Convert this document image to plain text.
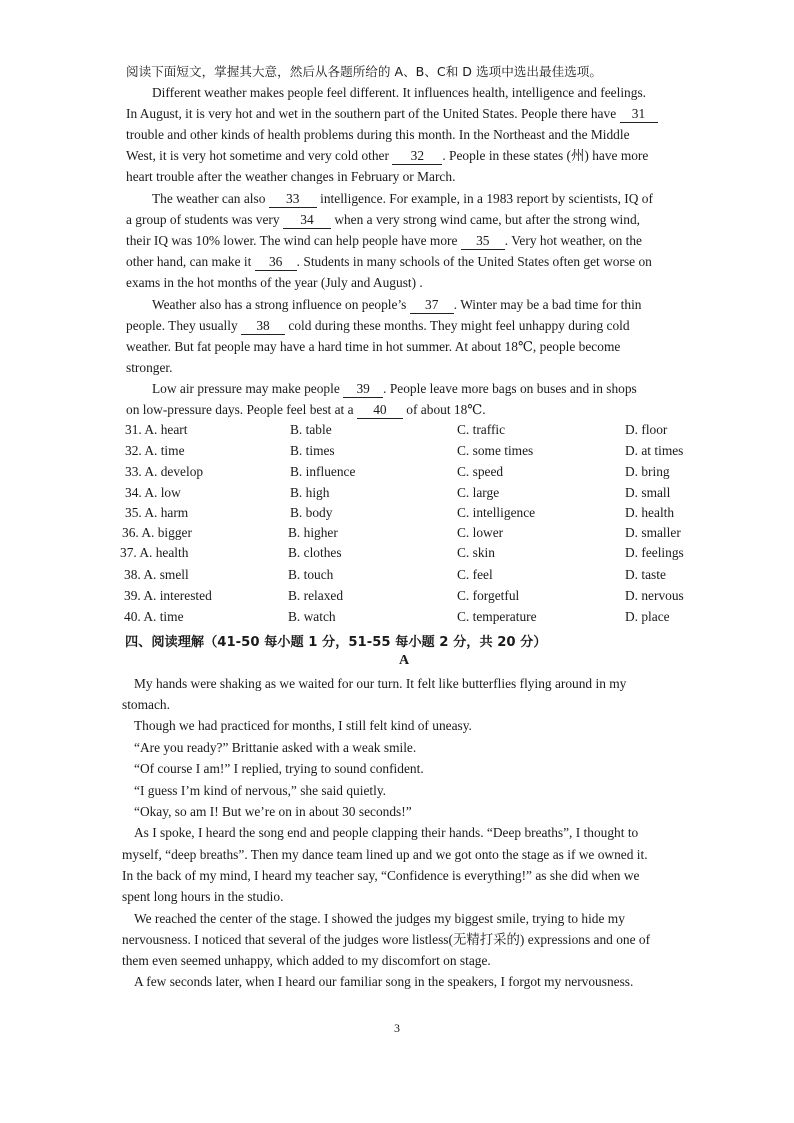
阅读下面短文，掌握其大意，然后从各题所给的 A、B、C和 D 选项中选出最佳选项。
Different weather makes people feel different. It influences health, intelligence and feelings.
In August, it is very hot and wet in the southern part of the United States. People there have 31
trouble and other kinds of health problems during this month. In the Northeast and the Middle
West, it is very hot sometime and very cold other 32 . People in these states (州) have more
heart trouble after the weather changes in February or March.
The weather can also 33 intelligence. For example, in a 1983 report by scientists, IQ of
a group of students was very 34 when a very strong wind came, but after the strong wind,
their IQ was 10% lower. The wind can help people have more 35 . Very hot weather, on the
other hand, can make it 36 . Students in many schools of the United States often get worse on
exams in the hot months of the year (July and August) .
Weather also has a strong influence on people’s 37 . Winter may be a bad time for thin
people. They usually 38 cold during these months. They might feel unhappy during cold
weather. But fat people may have a hard time in hot summer. At about 18℃, people become
stronger.
Low air pressure may make people 39 . People leave more bags on buses and in shops
on low-pressure days. People feel best at a 40 of about 18℃.
31. A. heart	B. table	C. traffic	D. floor
32. A. time	B. times	C. some times	D. at times
33. A. develop	B. influence	C. speed	D. bring
34. A. low	B. high	C. large	D. small
35. A. harm	B. body	C. intelligence	D. health
36. A. bigger	B. higher	C. lower	D. smaller
37. A. health	B. clothes	C. skin	D. feelings
38. A. smell	B. touch	C. feel	D. taste
39. A. interested	B. relaxed	C. forgetful	D. nervous
40. A. time	B. watch	C. temperature	D. place
四、阅读理解（41-50 每小题 1 分，51-55 每小题 2 分，共 20 分）
A
My hands were shaking as we waited for our turn. It felt like butterflies flying around in my
stomach.
Though we had practiced for months, I still felt kind of uneasy.
“Are you ready?” Brittanie asked with a weak smile.
“Of course I am!” I replied, trying to sound confident.
“I guess I’m kind of nervous,” she said quietly.
“Okay, so am I! But we’re on in about 30 seconds!”
As I spoke, I heard the song end and people clapping their hands. “Deep breaths”, I thought to
myself, “deep breaths”. Then my dance team lined up and we got onto the stage as if we owned it.
In the back of my mind, I heard my teacher say, “Confidence is everything!” as she did when we
spent long hours in the studio.
We reached the center of the stage. I showed the judges my biggest smile, trying to hide my
nervousness. I noticed that several of the judges wore listless(无精打采的) expressions and one of
them even seemed unhappy, which added to my discomfort on stage.
A few seconds later, when I heard our familiar song in the speakers, I forgot my nervousness.
3
